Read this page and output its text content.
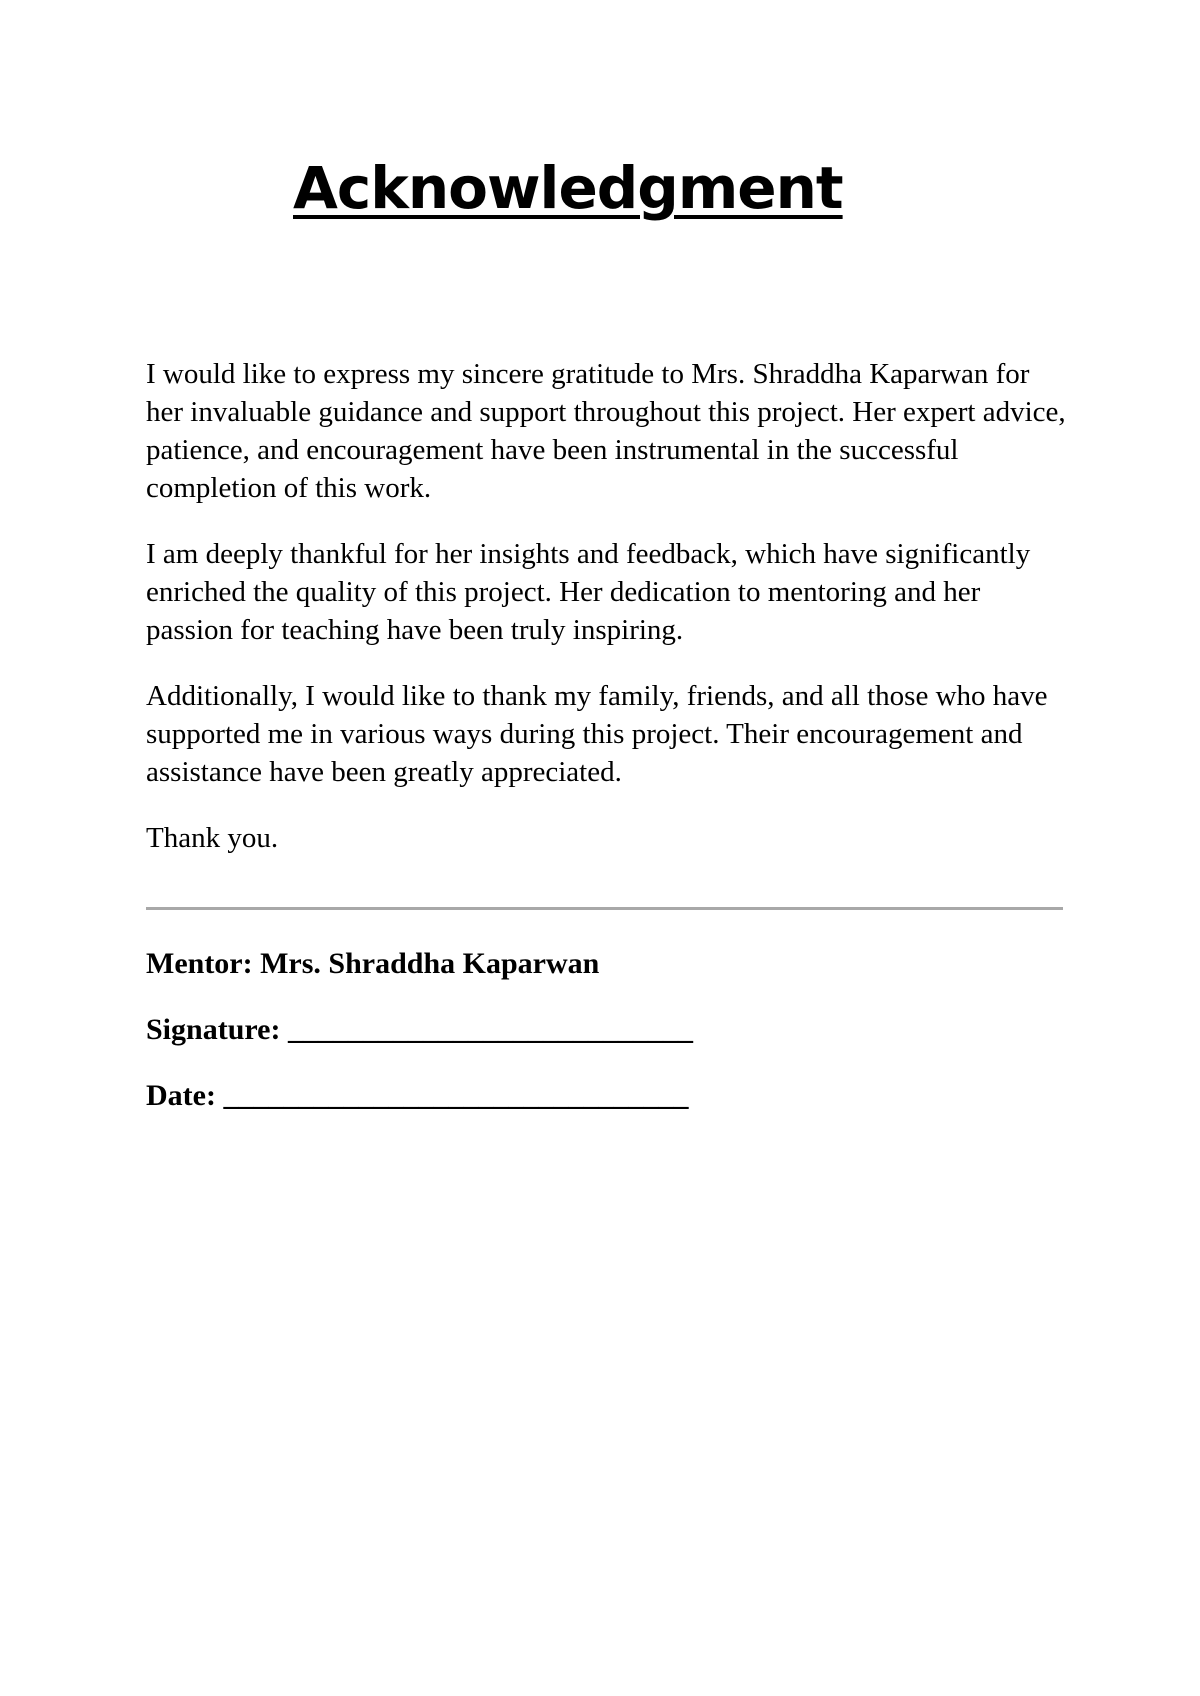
Acknowledgment

I would like to express my sincere gratitude to Mrs. Shraddha Kaparwan for her invaluable guidance and support throughout this project. Her expert advice, patience, and encouragement have been instrumental in the successful completion of this work.

I am deeply thankful for her insights and feedback, which have significantly enriched the quality of this project. Her dedication to mentoring and her passion for teaching have been truly inspiring.

Additionally, I would like to thank my family, friends, and all those who have supported me in various ways during this project. Their encouragement and assistance have been greatly appreciated.

Thank you.

Mentor: Mrs. Shraddha Kaparwan

Signature: ___________________________

Date: _______________________________
